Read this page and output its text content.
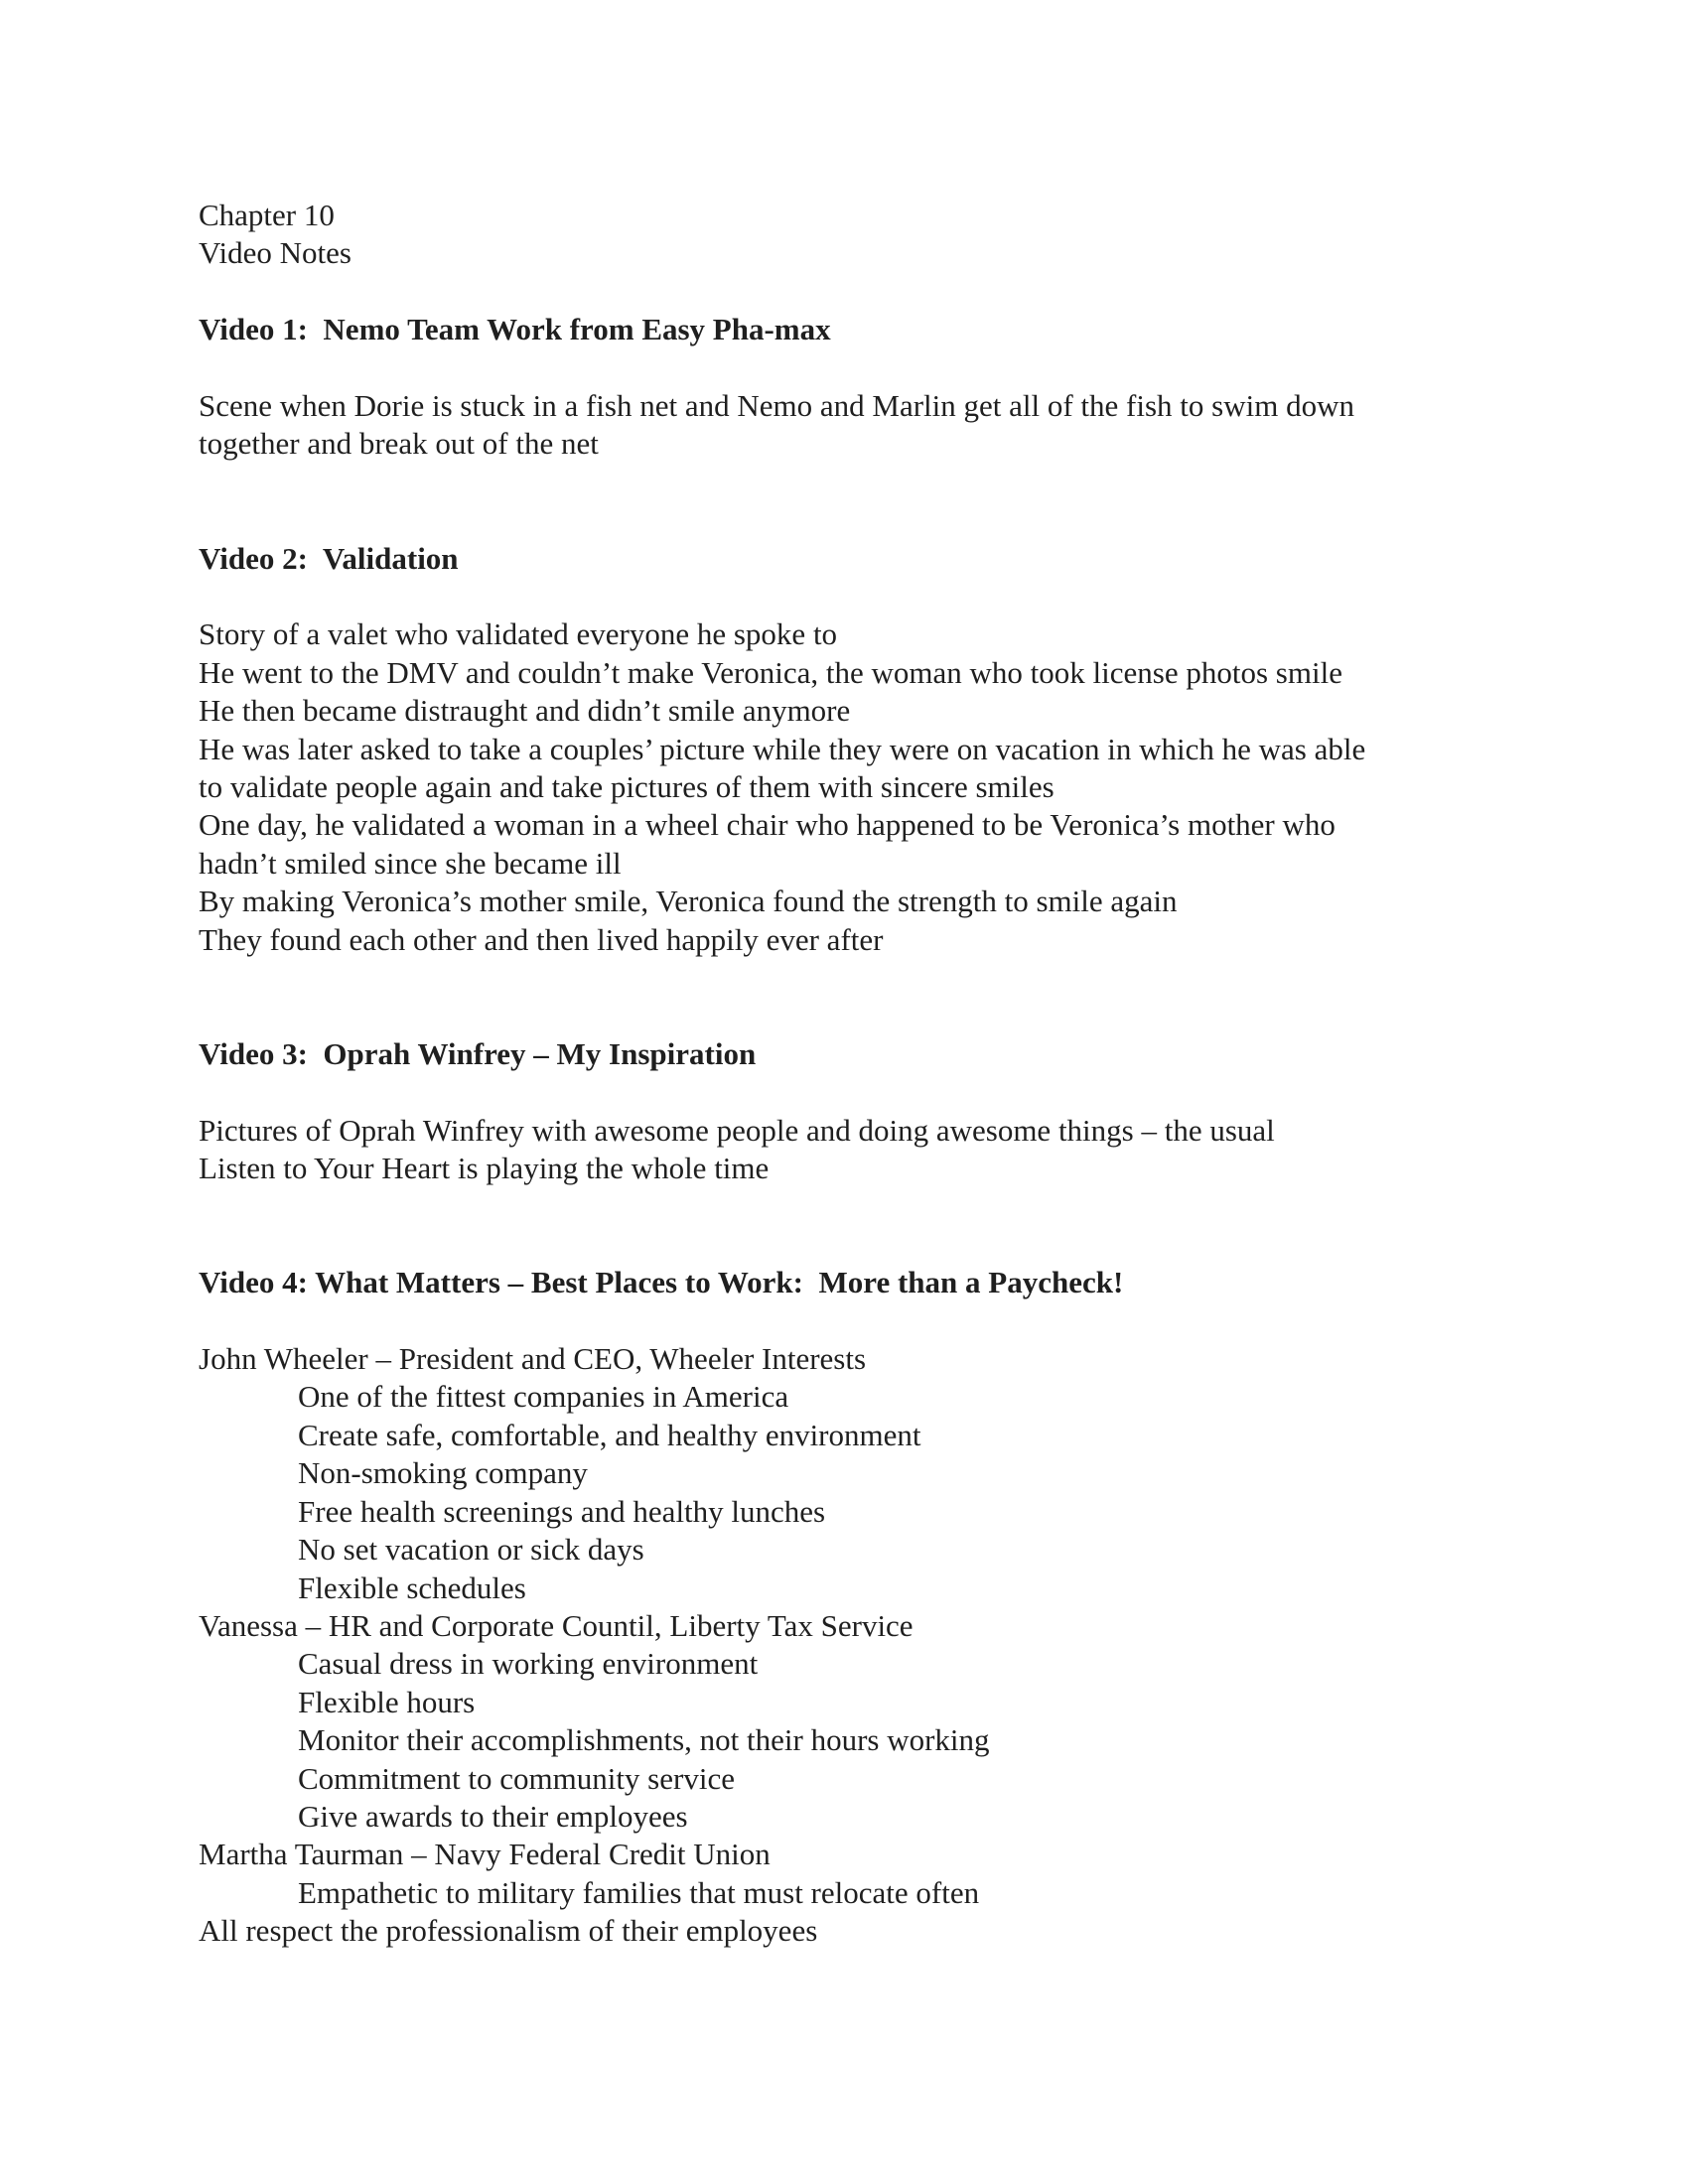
Chapter 10

Video Notes

Video 1:  Nemo Team Work from Easy Pha-max

Scene when Dorie is stuck in a fish net and Nemo and Marlin get all of the fish to swim down

together and break out of the net

Video 2:  Validation

Story of a valet who validated everyone he spoke to

He went to the DMV and couldn’t make Veronica, the woman who took license photos smile

He then became distraught and didn’t smile anymore

He was later asked to take a couples’ picture while they were on vacation in which he was able

to validate people again and take pictures of them with sincere smiles

One day, he validated a woman in a wheel chair who happened to be Veronica’s mother who

hadn’t smiled since she became ill

By making Veronica’s mother smile, Veronica found the strength to smile again

They found each other and then lived happily ever after

Video 3:  Oprah Winfrey – My Inspiration

Pictures of Oprah Winfrey with awesome people and doing awesome things – the usual

Listen to Your Heart is playing the whole time

Video 4: What Matters – Best Places to Work:  More than a Paycheck!

John Wheeler – President and CEO, Wheeler Interests

One of the fittest companies in America

Create safe, comfortable, and healthy environment

Non-smoking company

Free health screenings and healthy lunches

No set vacation or sick days

Flexible schedules

Vanessa – HR and Corporate Countil, Liberty Tax Service

Casual dress in working environment

Flexible hours

Monitor their accomplishments, not their hours working

Commitment to community service

Give awards to their employees

Martha Taurman – Navy Federal Credit Union

Empathetic to military families that must relocate often

All respect the professionalism of their employees
